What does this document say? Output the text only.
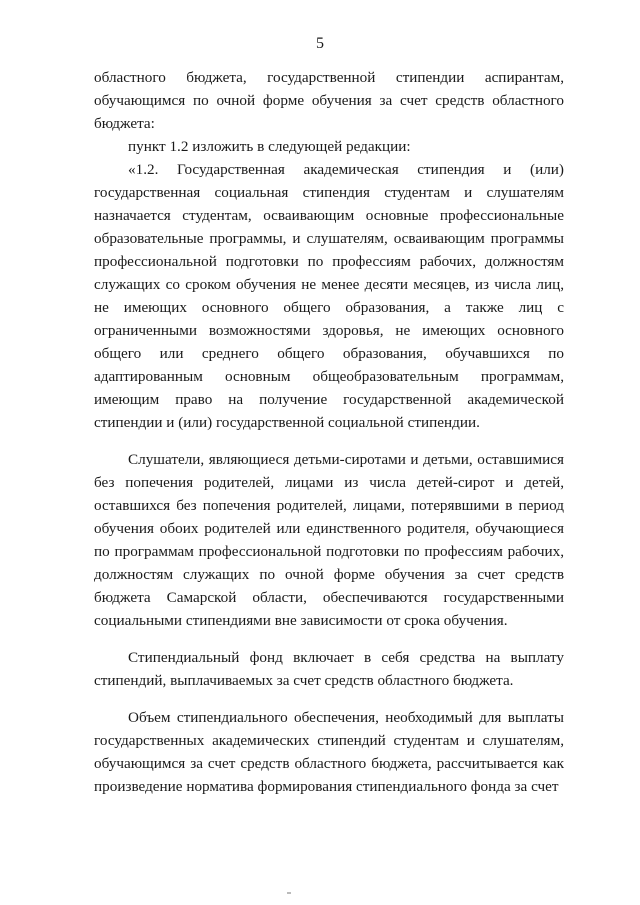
5

областного бюджета, государственной стипендии аспирантам, обучающимся по очной форме обучения за счет средств областного бюджета:

пункт 1.2 изложить в следующей редакции:

«1.2. Государственная академическая стипендия и (или) государственная социальная стипендия студентам и слушателям назначается студентам, осваивающим основные профессиональные образовательные программы, и слушателям, осваивающим программы профессиональной подготовки по профессиям рабочих, должностям служащих со сроком обучения не менее десяти месяцев, из числа лиц, не имеющих основного общего образования, а также лиц с ограниченными возможностями здоровья, не имеющих основного общего или среднего общего образования, обучавшихся по адаптированным основным общеобразовательным программам, имеющим право на получение государственной академической стипендии и (или) государственной социальной стипендии.

Слушатели, являющиеся детьми-сиротами и детьми, оставшимися без попечения родителей, лицами из числа детей-сирот и детей, оставшихся без попечения родителей, лицами, потерявшими в период обучения обоих родителей или единственного родителя, обучающиеся по программам профессиональной подготовки по профессиям рабочих, должностям служащих по очной форме обучения за счет средств бюджета Самарской области, обеспечиваются государственными социальными стипендиями вне зависимости от срока обучения.

Стипендиальный фонд включает в себя средства на выплату стипендий, выплачиваемых за счет средств областного бюджета.

Объем стипендиального обеспечения, необходимый для выплаты государственных академических стипендий студентам и слушателям, обучающимся за счет средств областного бюджета, рассчитывается как произведение норматива формирования стипендиального фонда за счет
